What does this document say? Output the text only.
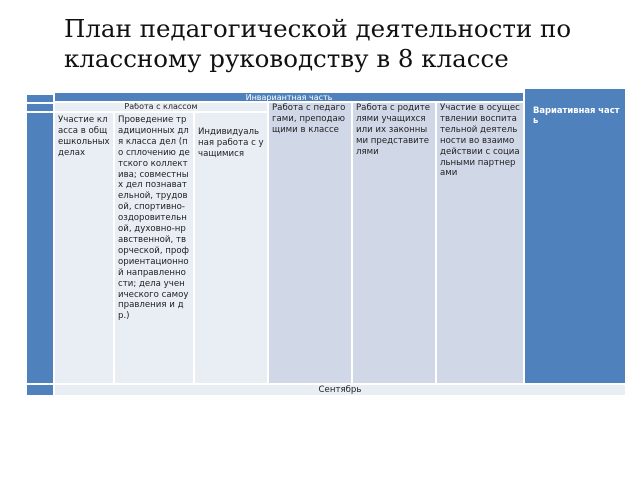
План педагогической деятельности по классному руководству в 8 классе
Инвариантная часть
Вариативная часть
Работа с классом
Участие класса в общешкольных делах
Проведение традиционных для класса дел (по сплочению детского коллектива; совместных дел познавательной, трудовой, спортивно-оздоровительной, духовно-нравственной, творческой, профориентационной направленности; дела ученического самоуправления и др.)
Индивидуальная работа с учащимися
Работа с педагогами, преподающими в классе
Работа с родителями учащихся или их законными представителями
Участие в осуществлении воспитательной деятельности во взаимодействии с социальными партнерами
Сентябрь
